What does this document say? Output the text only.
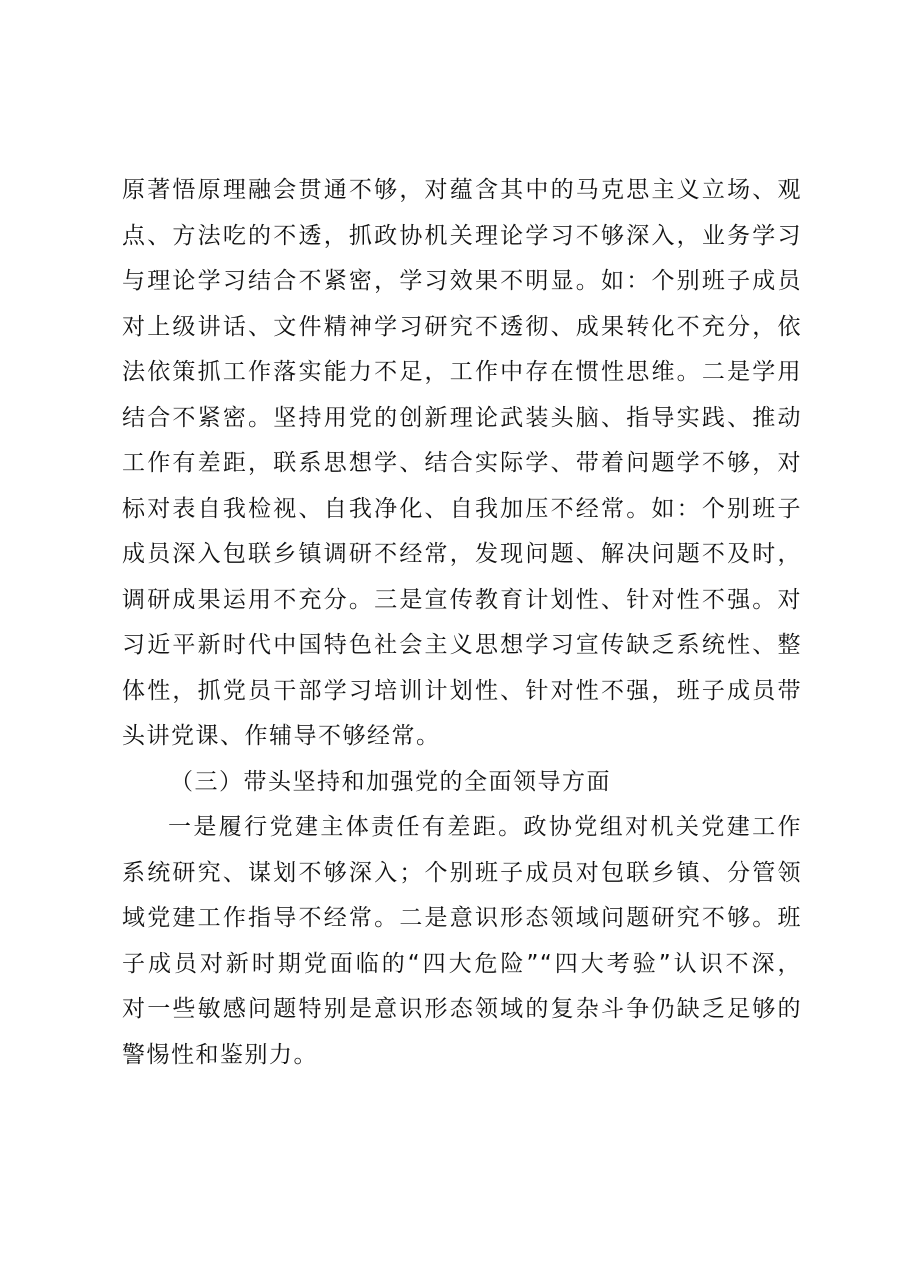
原著悟原理融会贯通不够，对蕴含其中的马克思主义立场、观
点、方法吃的不透，抓政协机关理论学习不够深入，业务学习
与理论学习结合不紧密，学习效果不明显。如：个别班子成员
对上级讲话、文件精神学习研究不透彻、成果转化不充分，依
法依策抓工作落实能力不足，工作中存在惯性思维。二是学用
结合不紧密。坚持用党的创新理论武装头脑、指导实践、推动
工作有差距，联系思想学、结合实际学、带着问题学不够，对
标对表自我检视、自我净化、自我加压不经常。如：个别班子
成员深入包联乡镇调研不经常，发现问题、解决问题不及时，
调研成果运用不充分。三是宣传教育计划性、针对性不强。对
习近平新时代中国特色社会主义思想学习宣传缺乏系统性、整
体性，抓党员干部学习培训计划性、针对性不强，班子成员带
头讲党课、作辅导不够经常。
（三）带头坚持和加强党的全面领导方面
一是履行党建主体责任有差距。政协党组对机关党建工作
系统研究、谋划不够深入；个别班子成员对包联乡镇、分管领
域党建工作指导不经常。二是意识形态领域问题研究不够。班
子成员对新时期党面临的“四大危险”“四大考验”认识不深，
对一些敏感问题特别是意识形态领域的复杂斗争仍缺乏足够的
警惕性和鉴别力。
